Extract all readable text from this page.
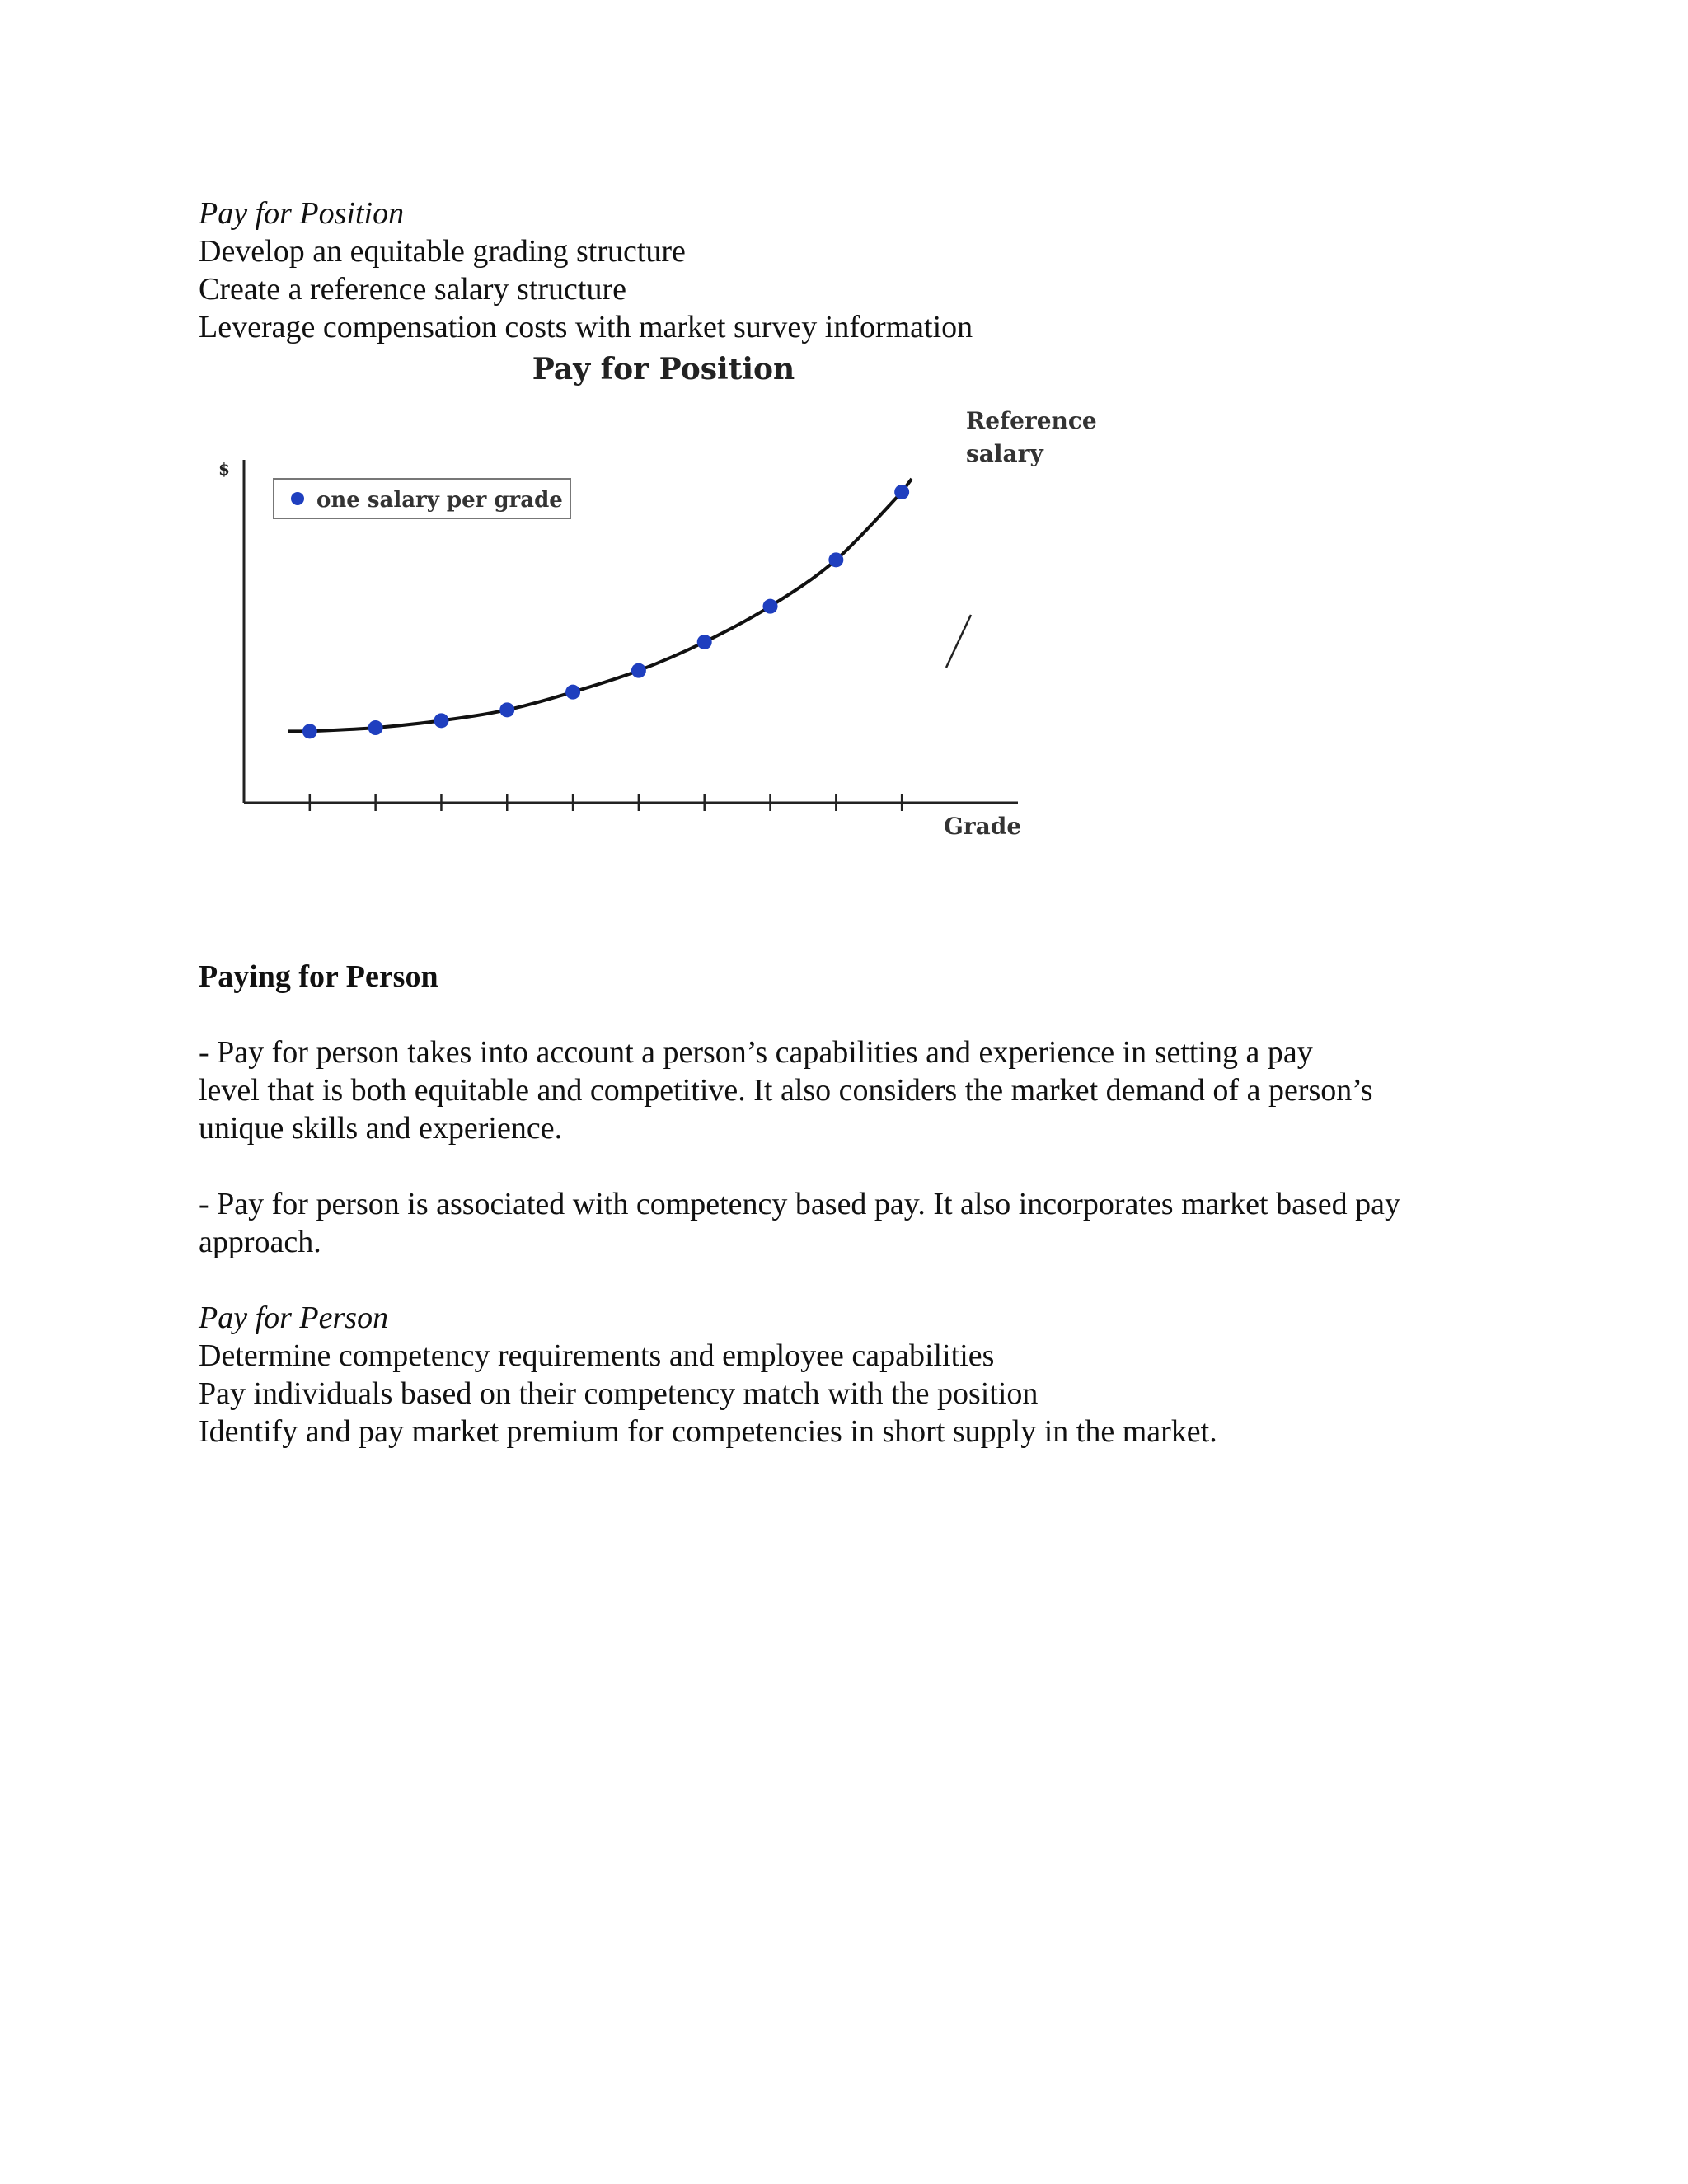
Pay for Position
Develop an equitable grading structure
Create a reference salary structure
Leverage compensation costs with market survey information
Pay for Position
$
Grade
one salary per grade
Reference
salary
Paying for Person
- Pay for person takes into account a person’s capabilities and experience in setting a pay
level that is both equitable and competitive. It also considers the market demand of a person’s
unique skills and experience.
- Pay for person is associated with competency based pay. It also incorporates market based pay
approach.
Pay for Person
Determine competency requirements and employee capabilities
Pay individuals based on their competency match with the position
Identify and pay market premium for competencies in short supply in the market.
